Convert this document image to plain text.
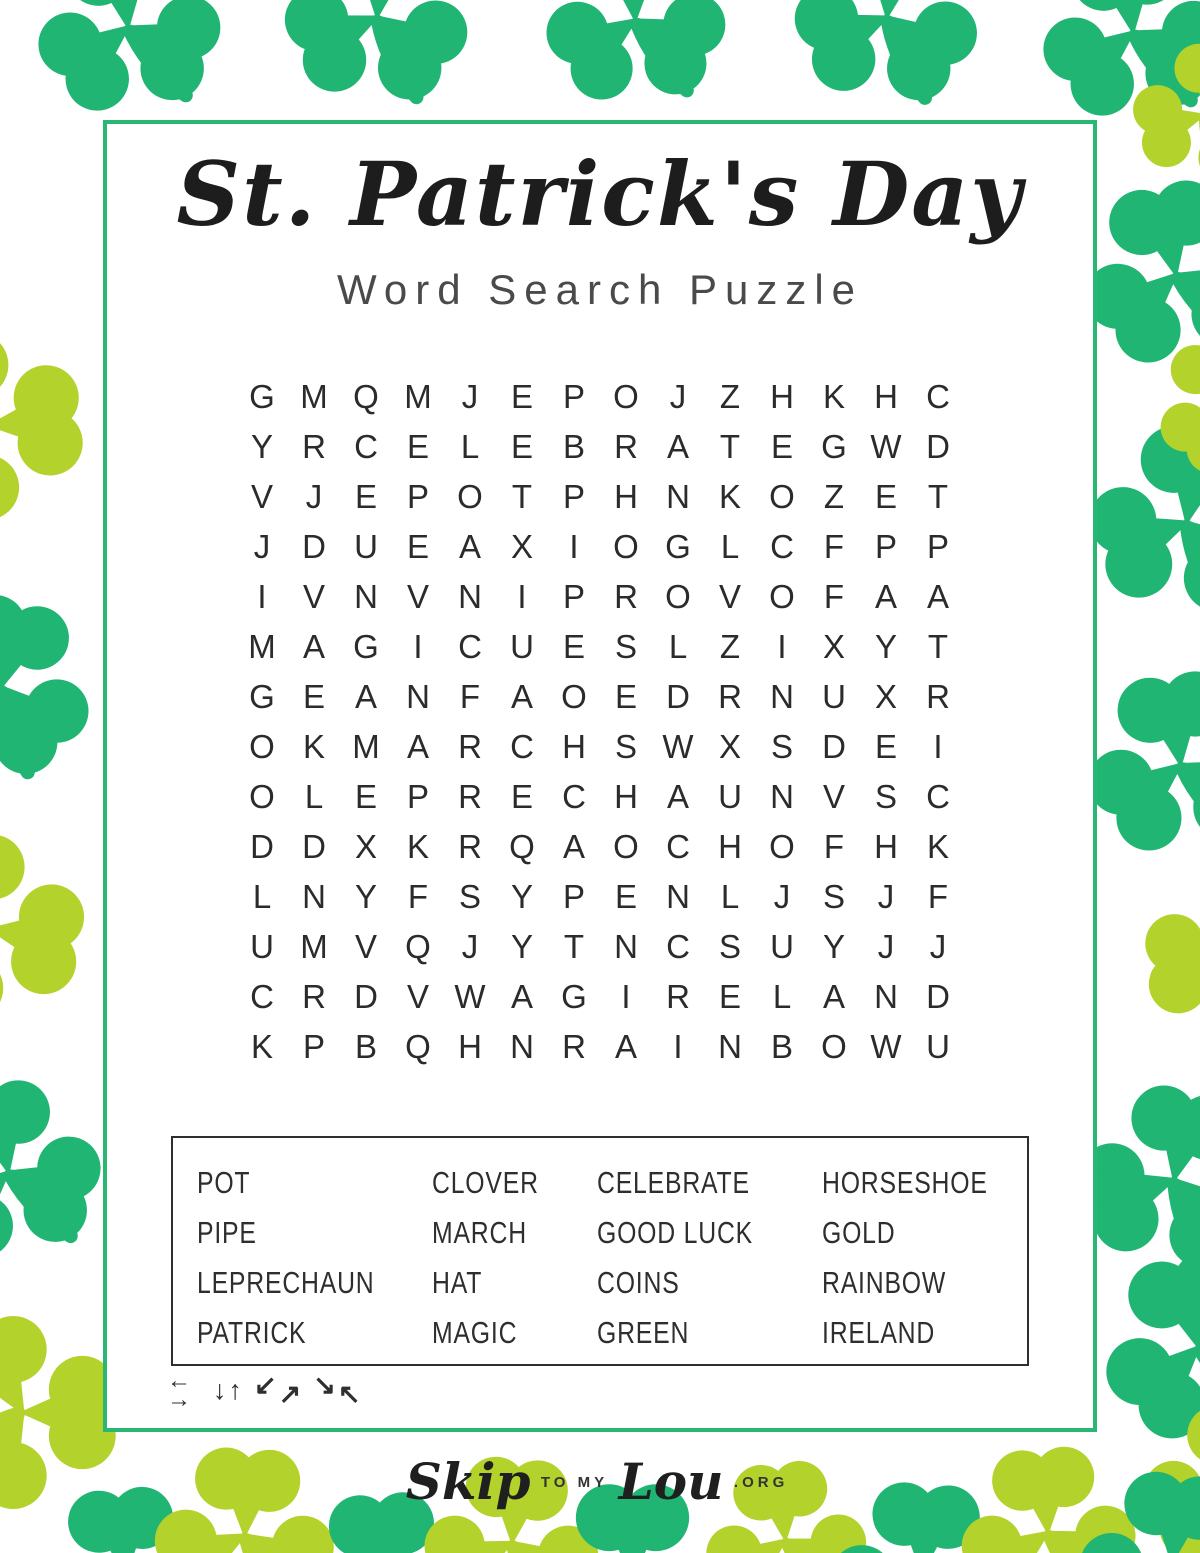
St. Patrick's Day
Word Search Puzzle
G M Q M J E P O J	Z H K H C
Y R C E L E B R A T E G W D
V J E P O T P H N K O Z E T
J D U E A X	I	O G L C F P P
I	V N V N	I	P R O V O F A A
M A G	I	C U E S L Z	I	X Y T
G E A N F A O E D R N U X R
O K M A R C H S W X S D E	I
O L E P R E C H A U N V S C
D D X K R Q A O C H O F H K
L N Y F S Y P E N L	J S J	F
U M V Q J Y T N C S U Y J	J
C R D V W A G	I	R E L A N D
K P B Q H N R A	I	N B O W U
POT
PIPE
LEPRECHAUN
PATRICK
CLOVER
MARCH
HAT
MAGIC
CELEBRATE
GOOD LUCK
COINS
GREEN
HORSESHOE
GOLD
RAINBOW
IRELAND
←
→ ↓ ↑ ↙ ↗ ↘ ↖
Skip TO MY Lou .ORG
